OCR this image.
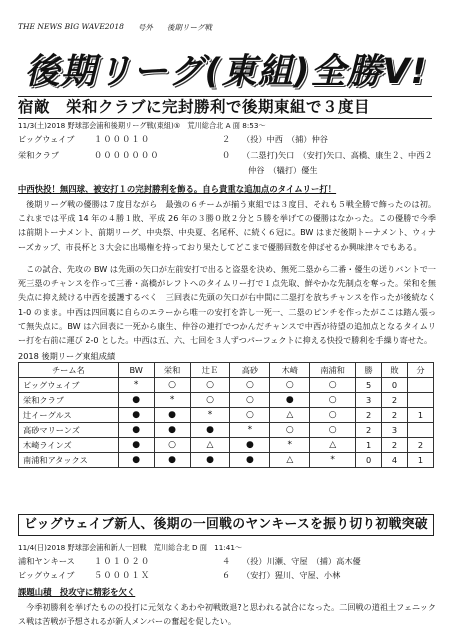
THE NEWS BIG WAVE2018 号外 後期リーグ戦
後期リーグ(東組)全勝V!
宿敵　栄和クラブに完封勝利で後期東組で３度目
11/3(土)2018 野球部会浦和後期リーグ戦(東組)⑤　荒川総合北 A 面 8:53～
ビッグウェイブ １０００１０	２ （投）中西　（捕）仲谷
栄和クラブ	０００００００	０ （二塁打)矢口　（安打)矢口、高橋、康生２、中西２
仲谷　（犠打）優生
中西快投！無四球、被安打１の完封勝利を飾る。自ら貴重な追加点のタイムリー打！
後期リーグ戦の優勝は７度目ながら　最強の６チームが揃う東組では３度目、それも５戦全勝で飾ったのは初。これまでは平成 14 年の４勝１敗、平成 26 年の３勝０敗２分と５勝を挙げての優勝はなかった。この優勝で今季は前期トーナメント、前期リーグ、中央祭、中央夏、名尾杯、に続く６冠に。BW はまだ後期トーナメント、ウィナーズカップ、市長杯と３大会に出場権を持っており果たしてどこまで優勝回数を伸ばせるか興味津々でもある。
この試合、先攻の BW は先頭の矢口が左前安打で出ると盗塁を決め、無死二塁から二番・優生の送りバントで一死三塁のチャンスを作って三番・高橋がレフトへのタイムリー打で１点先取、鮮やかな先制点を奪った。栄和を無失点に抑え続ける中西を援護するべく　三回表に先頭の矢口が右中間に二塁打を放ちチャンスを作ったが後続なく 1-0 のまま。中西は四回裏に自らのエラーから唯一の安打を許し一死一、二塁のピンチを作ったがここは踏ん張って無失点に。BW は六回表に一死から康生、仲谷の連打でつかんだチャンスで中西が待望の追加点となるタイムリー打を右前に運び 2-0 とした。中西は五、六、七回を３人ずつパーフェクトに抑える快投で勝利を手繰り寄せた。
2018 後期リーグ東組成績
チーム名	BW	栄和	辻Ｅ	高砂	木崎	南浦和	勝	敗	分
ビッグウェイブ	*	○	○	○	○	○	5	0	
栄和クラブ	●	*	○	○	●	○	3	2	
辻イーグルス	●	●	*	○	△	○	2	2	1
高砂マリーンズ	●	●	●	*	○	○	2	3	
木崎ラインズ	●	○	△	●	*	△	1	2	2
南浦和アタックス	●	●	●	●	△	*	0	4	1
ビッグウェイブ新人、後期の一回戦のヤンキースを振り切り初戦突破
11/4(日)2018 野球部会浦和新人一回戦　荒川総合北 D 面　11:41～
浦和ヤンキース １０１０２０	４ （投）川瀬、守屋　（捕）高木優
ビッグウェイブ ５０００１Ｘ	６ （安打）猩川、守屋、小林
課題山積　投攻守に精彩を欠く
今季初勝利を挙げたものの投打に元気なくあわや初戦敗退?と思われる試合になった。二回戦の道祖土フェニックス戦は苦戦が予想されるが新人メンバーの奮起を促したい。
